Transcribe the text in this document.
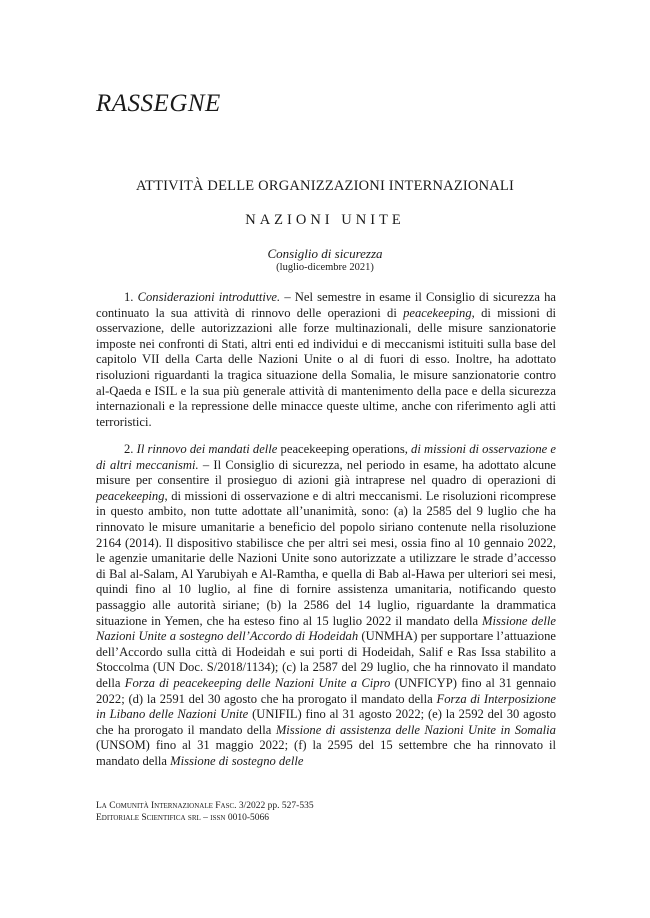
RASSEGNE
ATTIVITÀ DELLE ORGANIZZAZIONI INTERNAZIONALI
NAZIONI UNITE
Consiglio di sicurezza
(luglio-dicembre 2021)

1. Considerazioni introduttive. – Nel semestre in esame il Consiglio di sicurezza ha continuato la sua attività di rinnovo delle operazioni di peacekeeping, di missioni di osservazione, delle autorizzazioni alle forze multinazionali, delle misure sanzionatorie imposte nei confronti di Stati, altri enti ed individui e di meccanismi istituiti sulla base del capitolo VII della Carta delle Nazioni Unite o al di fuori di esso. Inoltre, ha adottato risoluzioni riguardanti la tragica situazione della Somalia, le misure sanzionatorie contro al-Qaeda e ISIL e la sua più generale attività di mantenimento della pace e della sicurezza internazionali e la repressione delle minacce queste ultime, anche con riferimento agli atti terroristici.

2. Il rinnovo dei mandati delle peacekeeping operations, di missioni di osservazione e di altri meccanismi. – Il Consiglio di sicurezza, nel periodo in esame, ha adottato alcune misure per consentire il prosieguo di azioni già intraprese nel quadro di operazioni di peacekeeping, di missioni di osservazione e di altri meccanismi. Le risoluzioni ricomprese in questo ambito, non tutte adottate all’unanimità, sono: (a) la 2585 del 9 luglio che ha rinnovato le misure umanitarie a beneficio del popolo siriano contenute nella risoluzione 2164 (2014). Il dispositivo stabilisce che per altri sei mesi, ossia fino al 10 gennaio 2022, le agenzie umanitarie delle Nazioni Unite sono autorizzate a utilizzare le strade d’accesso di Bal al-Salam, Al Yarubiyah e Al-Ramtha, e quella di Bab al-Hawa per ulteriori sei mesi, quindi fino al 10 luglio, al fine di fornire assistenza umanitaria, notificando questo passaggio alle autorità siriane; (b) la 2586 del 14 luglio, riguardante la drammatica situazione in Yemen, che ha esteso fino al 15 luglio 2022 il mandato della Missione delle Nazioni Unite a sostegno dell’Accordo di Hodeidah (UNMHA) per supportare l’attuazione dell’Accordo sulla città di Hodeidah e sui porti di Hodeidah, Salif e Ras Issa stabilito a Stoccolma (UN Doc. S/2018/1134); (c) la 2587 del 29 luglio, che ha rinnovato il mandato della Forza di peacekeeping delle Nazioni Unite a Cipro (UNFICYP) fino al 31 gennaio 2022; (d) la 2591 del 30 agosto che ha prorogato il mandato della Forza di Interposizione in Libano delle Nazioni Unite (UNIFIL) fino al 31 agosto 2022; (e) la 2592 del 30 agosto che ha prorogato il mandato della Missione di assistenza delle Nazioni Unite in Somalia (UNSOM) fino al 31 maggio 2022; (f) la 2595 del 15 settembre che ha rinnovato il mandato della Missione di sostegno delle

La Comunità Internazionale Fasc. 3/2022 pp. 527-535
Editoriale Scientifica srl – issn 0010-5066
